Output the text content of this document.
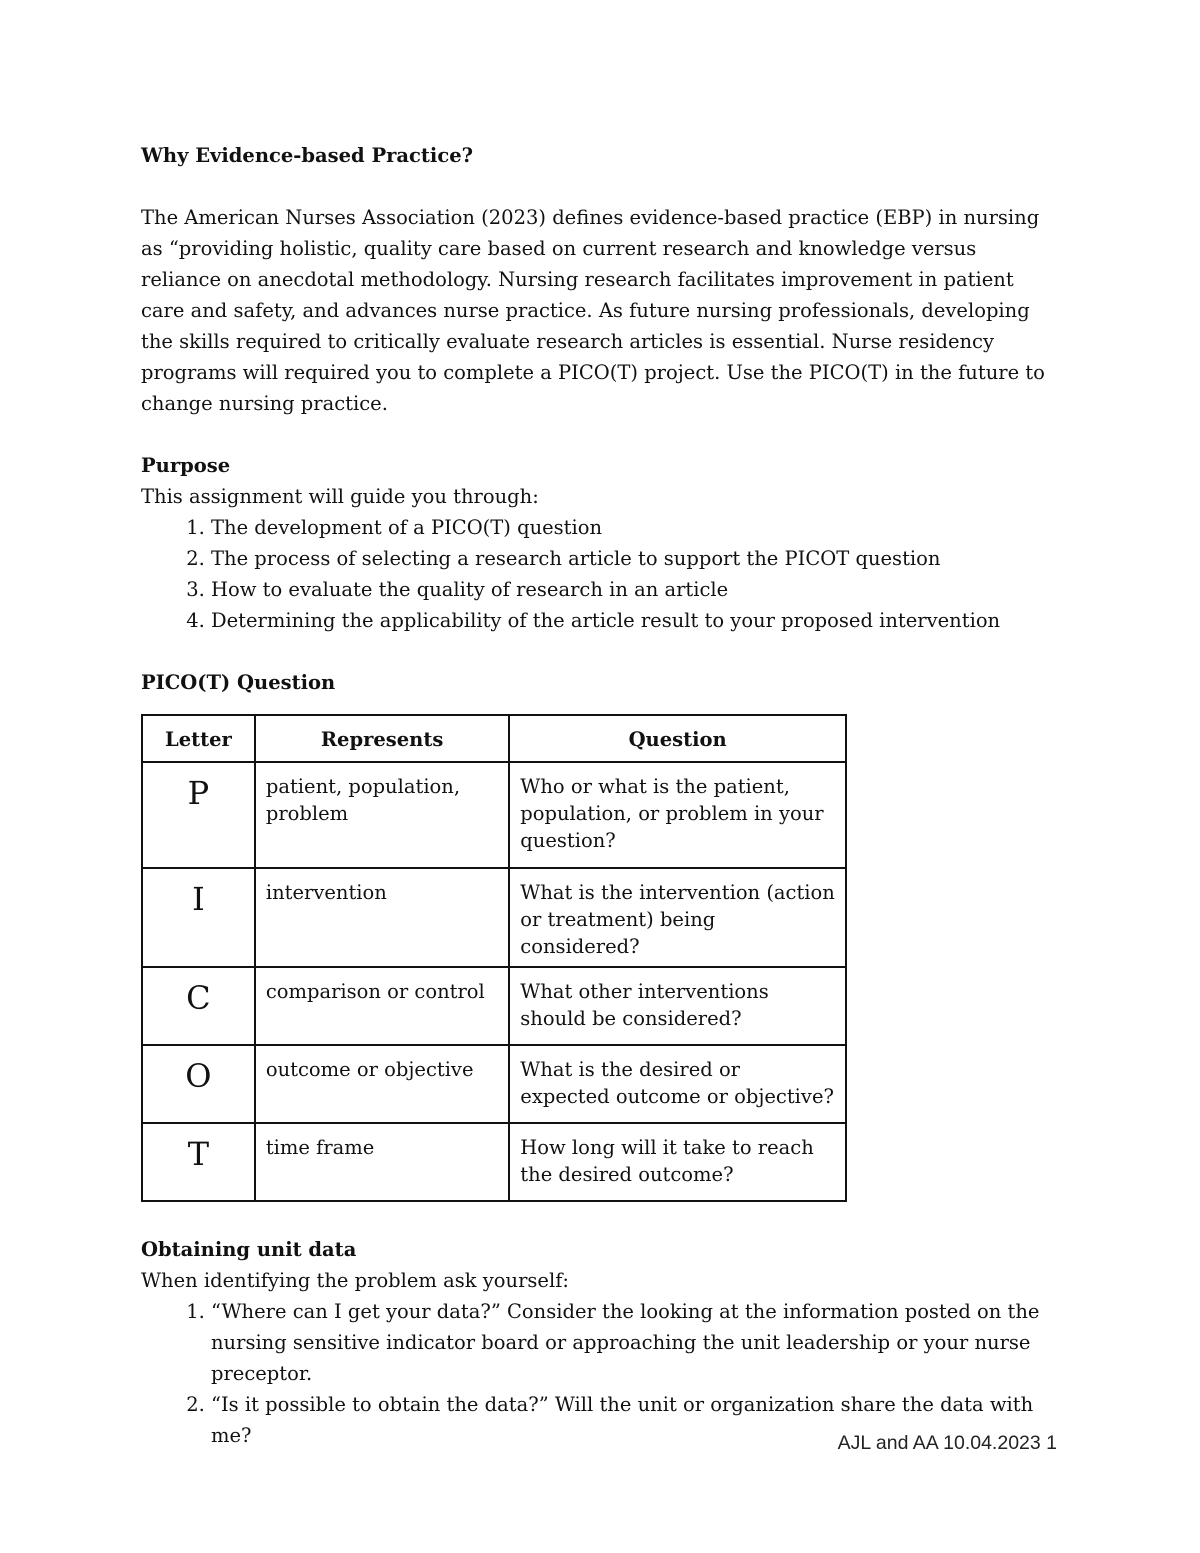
Why Evidence-based Practice?

The American Nurses Association (2023) defines evidence-based practice (EBP) in nursing as “providing holistic, quality care based on current research and knowledge versus reliance on anecdotal methodology. Nursing research facilitates improvement in patient care and safety, and advances nurse practice. As future nursing professionals, developing the skills required to critically evaluate research articles is essential. Nurse residency programs will required you to complete a PICO(T) project. Use the PICO(T) in the future to change nursing practice.

Purpose

This assignment will guide you through:

1. The development of a PICO(T) question
2. The process of selecting a research article to support the PICOT question
3. How to evaluate the quality of research in an article
4. Determining the applicability of the article result to your proposed intervention

PICO(T) Question

Letter	Represents	Question
P	patient, population, problem	Who or what is the patient, population, or problem in your question?
I	intervention	What is the intervention (action or treatment) being considered?
C	comparison or control	What other interventions should be considered?
O	outcome or objective	What is the desired or expected outcome or objective?
T	time frame	How long will it take to reach the desired outcome?

Obtaining unit data

When identifying the problem ask yourself:

1. “Where can I get your data?” Consider the looking at the information posted on the nursing sensitive indicator board or approaching the unit leadership or your nurse preceptor.
2. “Is it possible to obtain the data?” Will the unit or organization share the data with me?	AJL and AA 10.04.2023 1
